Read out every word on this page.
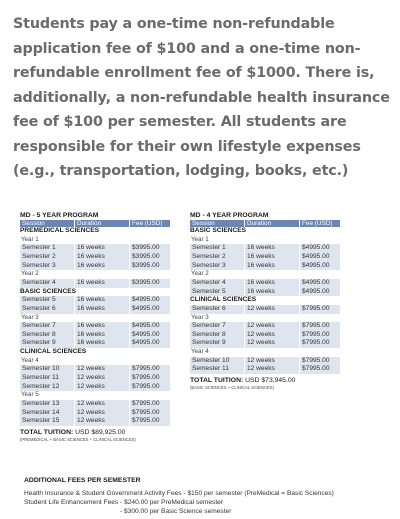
Students pay a one-time non-refundable application fee of $100 and a one-time non-refundable enrollment fee of $1000. There is, additionally, a non-refundable health insurance fee of $100 per semester. All students are responsible for their own lifestyle expenses (e.g., transportation, lodging, books, etc.)
MD - 5 YEAR PROGRAM
Session	Duration	Fee (USD)
PREMEDICAL SCIENCES
Year 1
Semester 1	16 weeks	$3995.00
Semester 2	16 weeks	$3995.00
Semester 3	16 weeks	$3995.00
Year 2
Semester 4	16 weeks	$3995.00
BASIC SCIENCES
Semester 5	16 weeks	$4995.00
Semester 6	16 weeks	$4995.00
Year 3
Semester 7	16 weeks	$4995.00
Semester 8	16 weeks	$4995.00
Semester 9	16 weeks	$4995.00
CLINICAL SCIENCES
Year 4
Semester 10	12 weeks	$7995.00
Semester 11	12 weeks	$7995.00
Semester 12	12 weeks	$7995.00
Year 5
Semester 13	12 weeks	$7995.00
Semester 14	12 weeks	$7995.00
Semester 15	12 weeks	$7995.00
TOTAL TUITION: USD $89,925.00
(PREMEDICAL + BASIC SCIENCES + CLINICAL SCIENCES)
MD - 4 YEAR PROGRAM
Session	Duration	Fee (USD)
BASIC SCIENCES
Year 1
Semester 1	16 weeks	$4995.00
Semester 2	16 weeks	$4995.00
Semester 3	16 weeks	$4995.00
Year 2
Semester 4	16 weeks	$4995.00
Semester 5	16 weeks	$4995.00
CLINICAL SCIENCES
Semester 6	12 weeks	$7995.00
Year 3
Semester 7	12 weeks	$7995.00
Semester 8	12 weeks	$7995.00
Semester 9	12 weeks	$7995.00
Year 4
Semester 10	12 weeks	$7995.00
Semester 11	12 weeks	$7995.00
TOTAL TUITION: USD $73,945.00
(BASIC SCIENCES + CLINICAL SCIENCES)
ADDITIONAL FEES PER SEMESTER
Health Insurance & Student Government Activity Fees - $150 per semester (PreMedical = Basic Sciences)
Student Life Enhancement Fees - $240.00 per PreMedical semester
- $300.00 per Basic Science semester
